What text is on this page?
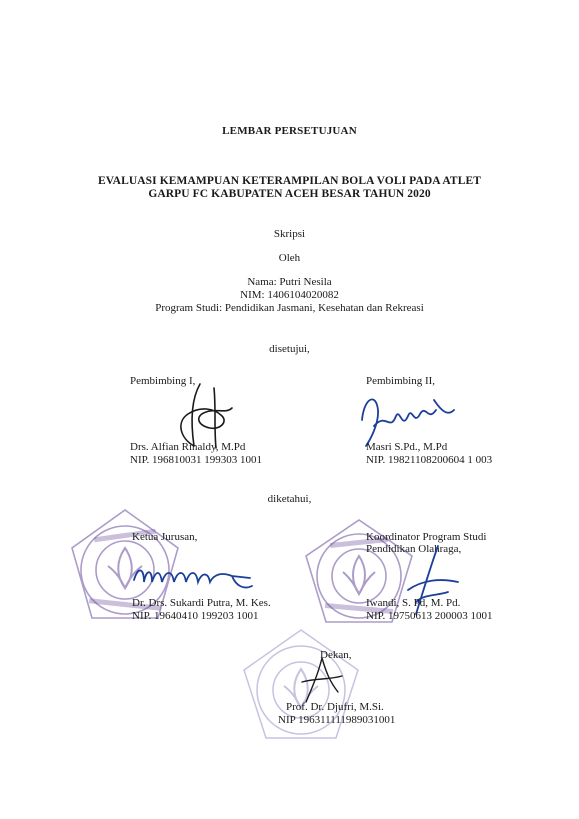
LEMBAR PERSETUJUAN
EVALUASI KEMAMPUAN KETERAMPILAN BOLA VOLI PADA ATLET
GARPU FC KABUPATEN ACEH BESAR TAHUN 2020
Skripsi
Oleh
Nama: Putri Nesila
NIM: 1406104020082
Program Studi: Pendidikan Jasmani, Kesehatan dan Rekreasi
disetujui,
Pembimbing I,	Pembimbing II,
Drs. Alfian Rinaldy, M.Pd
NIP. 196810031 199303 1001
Masri S.Pd., M.Pd
NIP. 19821108200604 1 003
diketahui,
Ketua Jurusan,	Koordinator Program Studi
Pendidikan Olahraga,
Dr. Drs. Sukardi Putra, M. Kes.
NIP. 19640410 199203 1001
Iwandi, S. Pd, M. Pd.
NIP. 19750613 200003 1001
Dekan,
Prof. Dr. Djufri, M.Si.
NIP 196311111989031001
